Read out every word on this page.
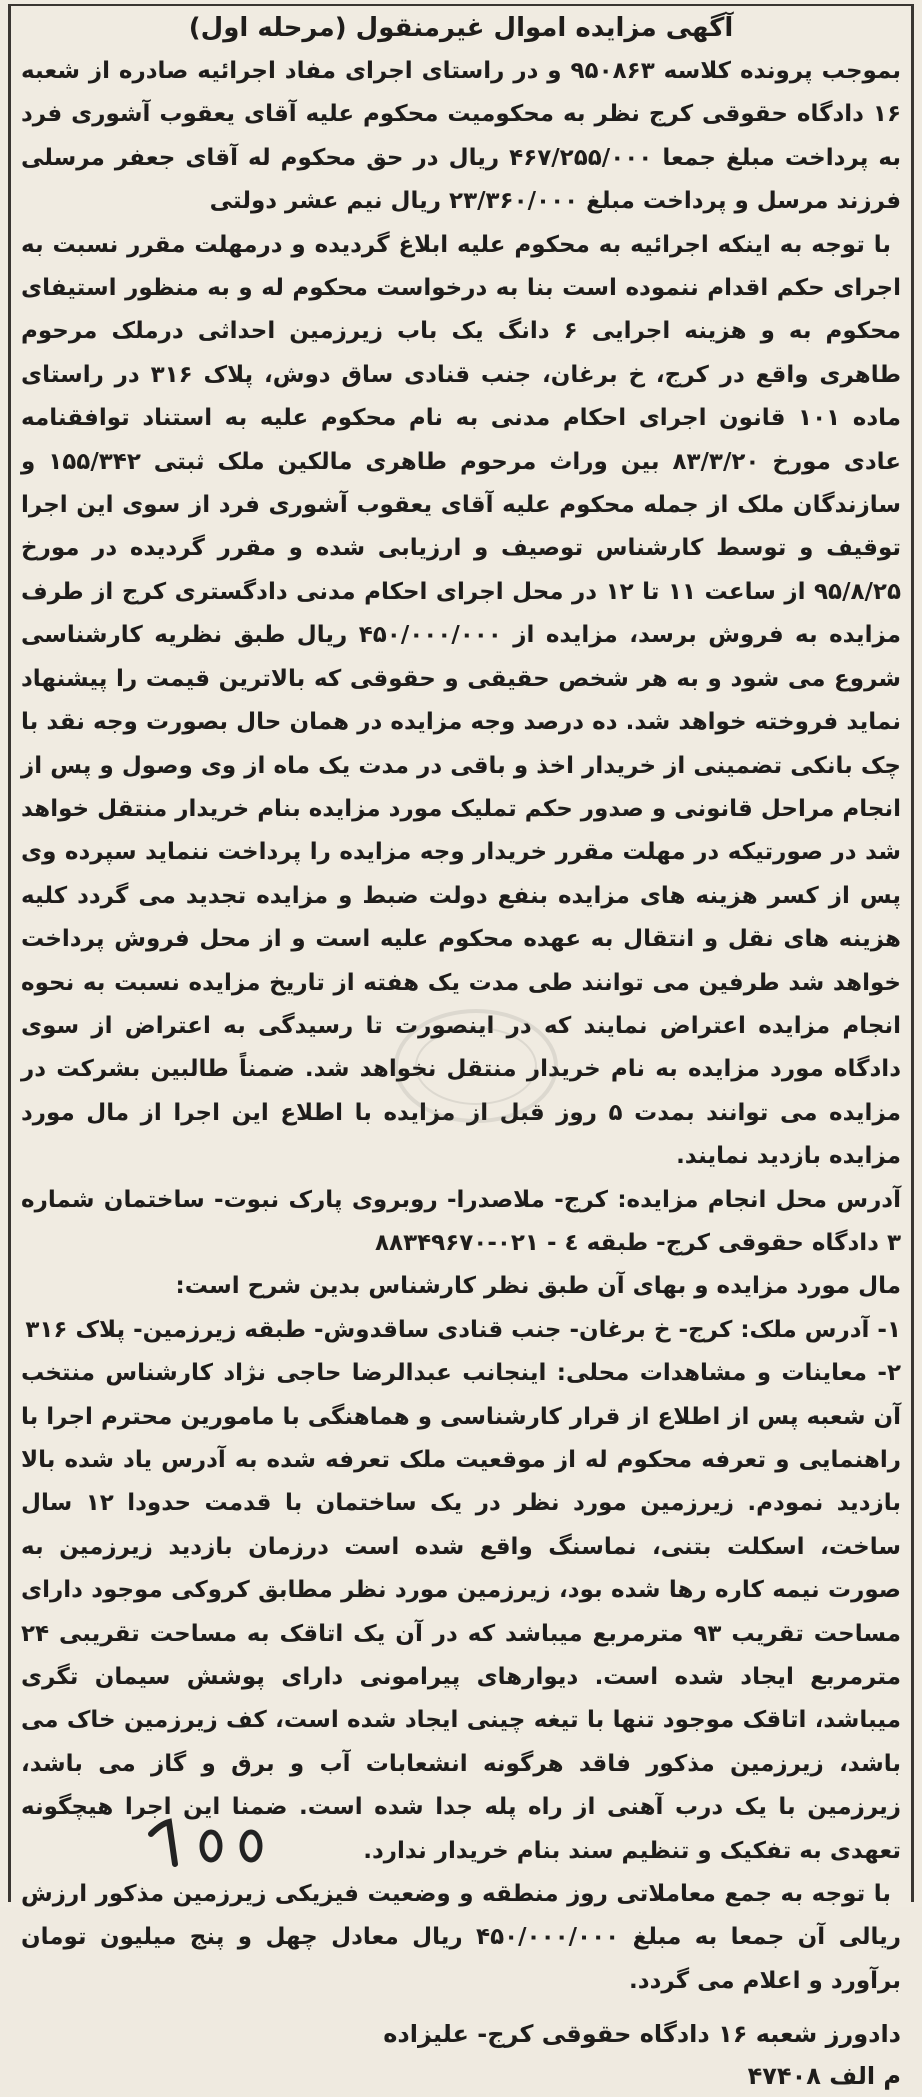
آگهی مزایده اموال غیرمنقول (مرحله اول)

بموجب پرونده کلاسه ۹۵۰۸۶۳ و در راستای اجرای مفاد اجرائیه صادره از شعبه ۱۶ دادگاه حقوقی کرج نظر به محکومیت محکوم علیه آقای یعقوب آشوری فرد به پرداخت مبلغ جمعا ۴۶۷/۲۵۵/۰۰۰ ریال در حق محکوم له آقای جعفر مرسلی فرزند مرسل و پرداخت مبلغ ۲۳/۳۶۰/۰۰۰ ریال نیم عشر دولتی

با توجه به اینکه اجرائیه به محکوم علیه ابلاغ گردیده و درمهلت مقرر نسبت به اجرای حکم اقدام ننموده است بنا به درخواست محکوم له و به منظور استیفای محکوم به و هزینه اجرایی ۶ دانگ یک باب زیرزمین احداثی درملک مرحوم طاهری واقع در کرج، خ برغان، جنب قنادی ساق دوش، پلاک ۳۱۶ در راستای ماده ۱۰۱ قانون اجرای احکام مدنی به نام محکوم علیه به استناد توافقنامه عادی مورخ ۸۳/۳/۲۰ بین وراث مرحوم طاهری مالکین ملک ثبتی ۱۵۵/۳۴۲ و سازندگان ملک از جمله محکوم علیه آقای یعقوب آشوری فرد از سوی این اجرا توقیف و توسط کارشناس توصیف و ارزیابی شده و مقرر گردیده در مورخ ۹۵/۸/۲۵ از ساعت ۱۱ تا ۱۲ در محل اجرای احکام مدنی دادگستری کرج از طرف مزایده به فروش برسد، مزایده از ۴۵۰/۰۰۰/۰۰۰ ریال طبق نظریه کارشناسی شروع می شود و به هر شخص حقیقی و حقوقی که بالاترین قیمت را پیشنهاد نماید فروخته خواهد شد. ده درصد وجه مزایده در همان حال بصورت وجه نقد با چک بانکی تضمینی از خریدار اخذ و باقی در مدت یک ماه از وی وصول و پس از انجام مراحل قانونی و صدور حکم تملیک مورد مزایده بنام خریدار منتقل خواهد شد در صورتیکه در مهلت مقرر خریدار وجه مزایده را پرداخت ننماید سپرده وی پس از کسر هزینه های مزایده بنفع دولت ضبط و مزایده تجدید می گردد کلیه هزینه های نقل و انتقال به عهده محکوم علیه است و از محل فروش پرداخت خواهد شد طرفین می توانند طی مدت یک هفته از تاریخ مزایده نسبت به نحوه انجام مزایده اعتراض نمایند که در اینصورت تا رسیدگی به اعتراض از سوی دادگاه مورد مزایده به نام خریدار منتقل نخواهد شد. ضمناً طالبین بشرکت در مزایده می توانند بمدت ۵ روز قبل از مزایده با اطلاع این اجرا از مال مورد مزایده بازدید نمایند.

آدرس محل انجام مزایده: کرج- ملاصدرا- روبروی پارک نبوت- ساختمان شماره ۳ دادگاه حقوقی کرج- طبقه ٤ - ۰۲۱-۸۸۳۴۹۶۷۰

مال مورد مزایده و بهای آن طبق نظر کارشناس بدین شرح است:

۱- آدرس ملک: کرج- خ برغان- جنب قنادی ساقدوش- طبقه زیرزمین- پلاک ۳۱۶

۲- معاینات و مشاهدات محلی: اینجانب عبدالرضا حاجی نژاد کارشناس منتخب آن شعبه پس از اطلاع از قرار کارشناسی و هماهنگی با مامورین محترم اجرا با راهنمایی و تعرفه محکوم له از موقعیت ملک تعرفه شده به آدرس یاد شده بالا بازدید نمودم. زیرزمین مورد نظر در یک ساختمان با قدمت حدودا ۱۲ سال ساخت، اسکلت بتنی، نماسنگ واقع شده است درزمان بازدید زیرزمین به صورت نیمه کاره رها شده بود، زیرزمین مورد نظر مطابق کروکی موجود دارای مساحت تقریب ۹۳ مترمربع میباشد که در آن یک اتاقک به مساحت تقریبی ۲۴ مترمربع ایجاد شده است. دیوارهای پیرامونی دارای پوشش سیمان تگری میباشد، اتاقک موجود تنها با تیغه چینی ایجاد شده است، کف زیرزمین خاک می باشد، زیرزمین مذکور فاقد هرگونه انشعابات آب و برق و گاز می باشد، زیرزمین با یک درب آهنی از راه پله جدا شده است. ضمنا این اجرا هیچگونه تعهدی به تفکیک و تنظیم سند بنام خریدار ندارد.

با توجه به جمع معاملاتی روز منطقه و وضعیت فیزیکی زیرزمین مذکور ارزش ریالی آن جمعا به مبلغ ۴۵۰/۰۰۰/۰۰۰ ریال معادل چهل و پنج میلیون تومان برآورد و اعلام می گردد.

دادورز شعبه ۱۶ دادگاه حقوقی کرج- علیزاده
م الف ۴۷۴۰۸
